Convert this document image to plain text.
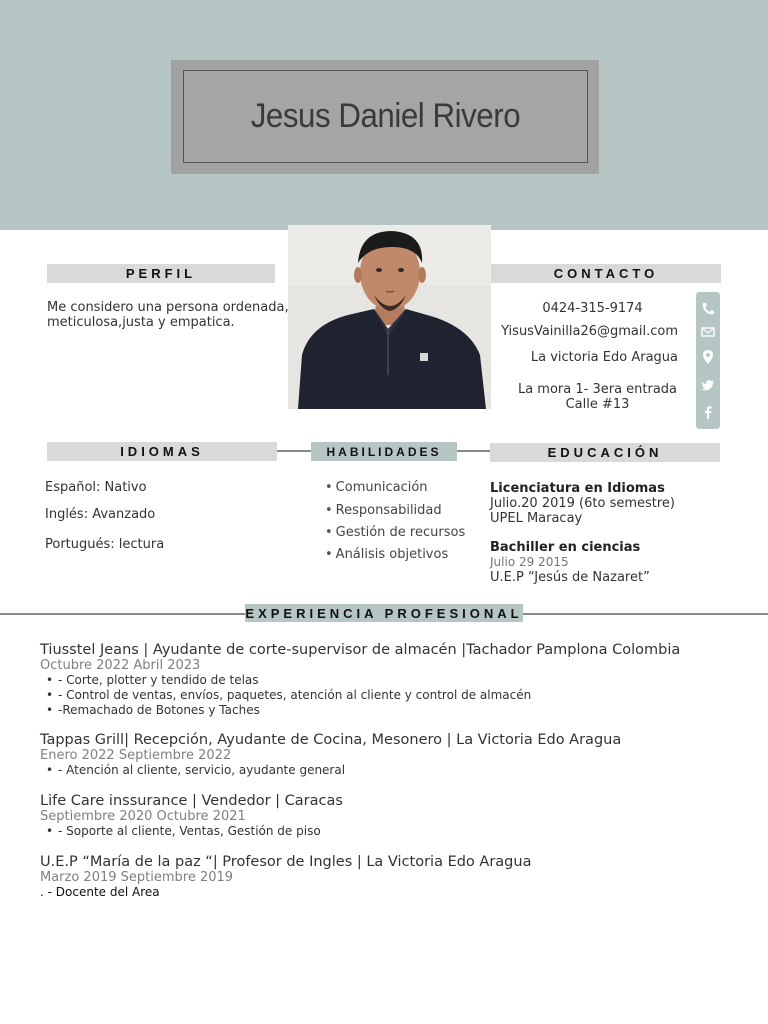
Jesus Daniel Rivero
PERFIL
Me considero una persona ordenada,
meticulosa,justa y empatica.
CONTACTO
0424-315-9174
YisusVainilla26@gmail.com
La victoria Edo Aragua
La mora 1- 3era entrada
Calle #13
IDIOMAS
Español: Nativo
Inglés: Avanzado
Portugués: lectura
HABILIDADES
• Comunicación
• Responsabilidad
• Gestión de recursos
• Análisis objetivos
EDUCACIÓN
Licenciatura en Idiomas
Julio.20 2019 (6to semestre)
UPEL Maracay
Bachiller en ciencias
Julio 29 2015
U.E.P “Jesús de Nazaret”
EXPERIENCIA PROFESIONAL
Tiusstel Jeans | Ayudante de corte-supervisor de almacén |Tachador Pamplona Colombia
Octubre 2022 Abril 2023
• - Corte, plotter y tendido de telas
• - Control de ventas, envíos, paquetes, atención al cliente y control de almacén
• -Remachado de Botones y Taches
Tappas Grill| Recepción, Ayudante de Cocina, Mesonero | La Victoria Edo Aragua
Enero 2022 Septiembre 2022
• - Atención al cliente, servicio, ayudante general
Life Care inssurance | Vendedor | Caracas
Septiembre 2020 Octubre 2021
• - Soporte al cliente, Ventas, Gestión de piso
U.E.P “María de la paz “| Profesor de Ingles | La Victoria Edo Aragua
Marzo 2019 Septiembre 2019
. - Docente del Area
